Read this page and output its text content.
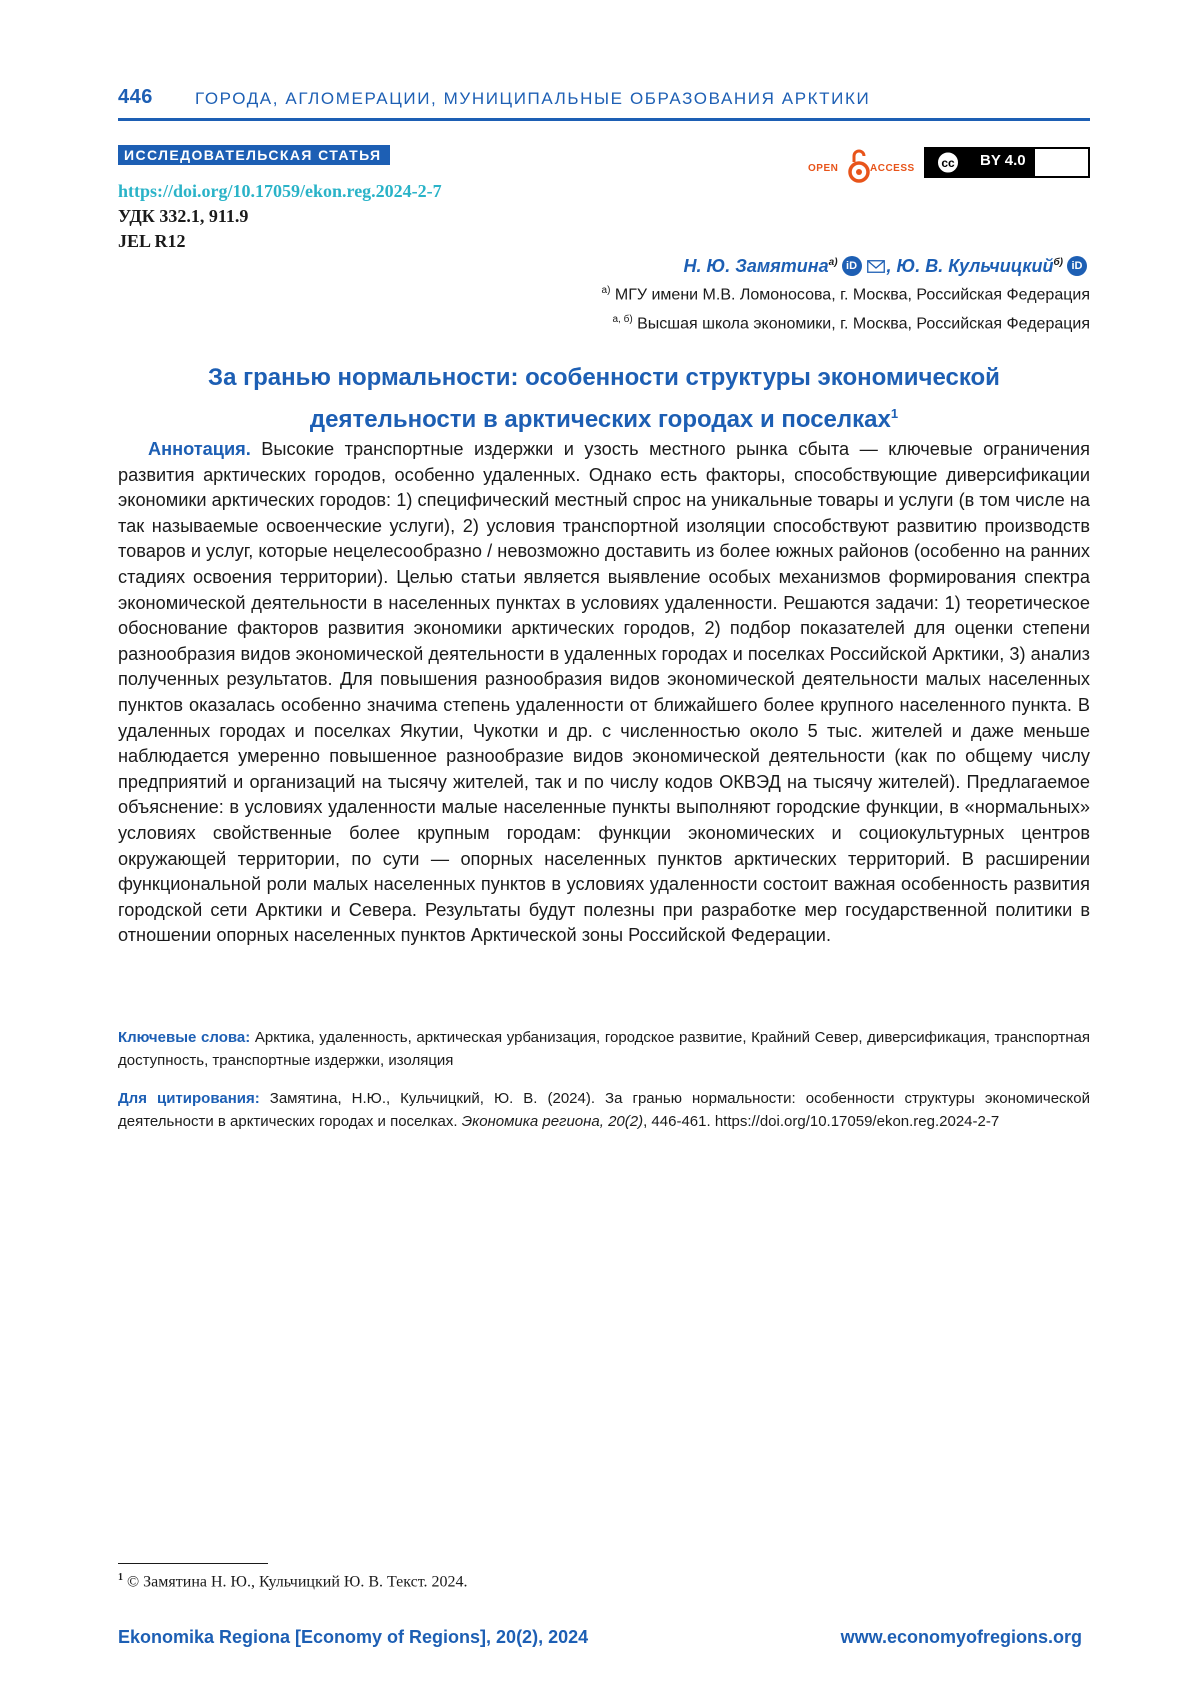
446 ГОРОДА, АГЛОМЕРАЦИИ, МУНИЦИПАЛЬНЫЕ ОБРАЗОВАНИЯ АРКТИКИ
ИССЛЕДОВАТЕЛЬСКАЯ СТАТЬЯ
https://doi.org/10.17059/ekon.reg.2024-2-7
УДК 332.1, 911.9
JEL R12
OPEN	ACCESS cc BY 4.0
Н. Ю. Замятинаа) iD , Ю. В. Кульчицкийб) iD
а) МГУ имени М.В. Ломоносова, г. Москва, Российская Федерация
а, б) Высшая школа экономики, г. Москва, Российская Федерация
За гранью нормальности: особенности структуры экономической
деятельности в арктических городах и поселках1
Аннотация. Высокие транспортные издержки и узость местного рынка сбыта — ключевые ограничения развития арктических городов, особенно удаленных. Однако есть факторы, способствующие диверсификации экономики арктических городов: 1) специфический местный спрос на уникальные товары и услуги (в том числе на так называемые освоенческие услуги), 2) условия транспортной изоляции способствуют развитию производств товаров и услуг, которые нецелесообразно / невозможно доставить из более южных районов (особенно на ранних стадиях освоения территории). Целью статьи является выявление особых механизмов формирования спектра экономической деятельности в населенных пунктах в условиях удаленности. Решаются задачи: 1) теоретическое обоснование факторов развития экономики арктических городов, 2) подбор показателей для оценки степени разнообразия видов экономической деятельности в удаленных городах и поселках Российской Арктики, 3) анализ полученных результатов. Для повышения разнообразия видов экономической деятельности малых населенных пунктов оказалась особенно значима степень удаленности от ближайшего более крупного населенного пункта. В удаленных городах и поселках Якутии, Чукотки и др. с численностью около 5 тыс. жителей и даже меньше наблюдается умеренно повышенное разнообразие видов экономической деятельности (как по общему числу предприятий и организаций на тысячу жителей, так и по числу кодов ОКВЭД на тысячу жителей). Предлагаемое объяснение: в условиях удаленности малые населенные пункты выполняют городские функции, в «нормальных» условиях свойственные более крупным городам: функции экономических и социокультурных центров окружающей территории, по сути — опорных населенных пунктов арктических территорий. В расширении функциональной роли малых населенных пунктов в условиях удаленности состоит важная особенность развития городской сети Арктики и Севера. Результаты будут полезны при разработке мер государственной политики в отношении опорных населенных пунктов Арктической зоны Российской Федерации.
Ключевые слова: Арктика, удаленность, арктическая урбанизация, городское развитие, Крайний Север, диверсификация, транспортная доступность, транспортные издержки, изоляция
Для цитирования: Замятина, Н.Ю., Кульчицкий, Ю. В. (2024). За гранью нормальности: особенности структуры экономической деятельности в арктических городах и поселках. Экономика региона, 20(2), 446-461. https://doi.org/10.17059/ekon.reg.2024-2-7
1 © Замятина Н. Ю., Кульчицкий Ю. В. Текст. 2024.
Ekonomika Regiona [Economy of Regions], 20(2), 2024	www.economyofregions.org
